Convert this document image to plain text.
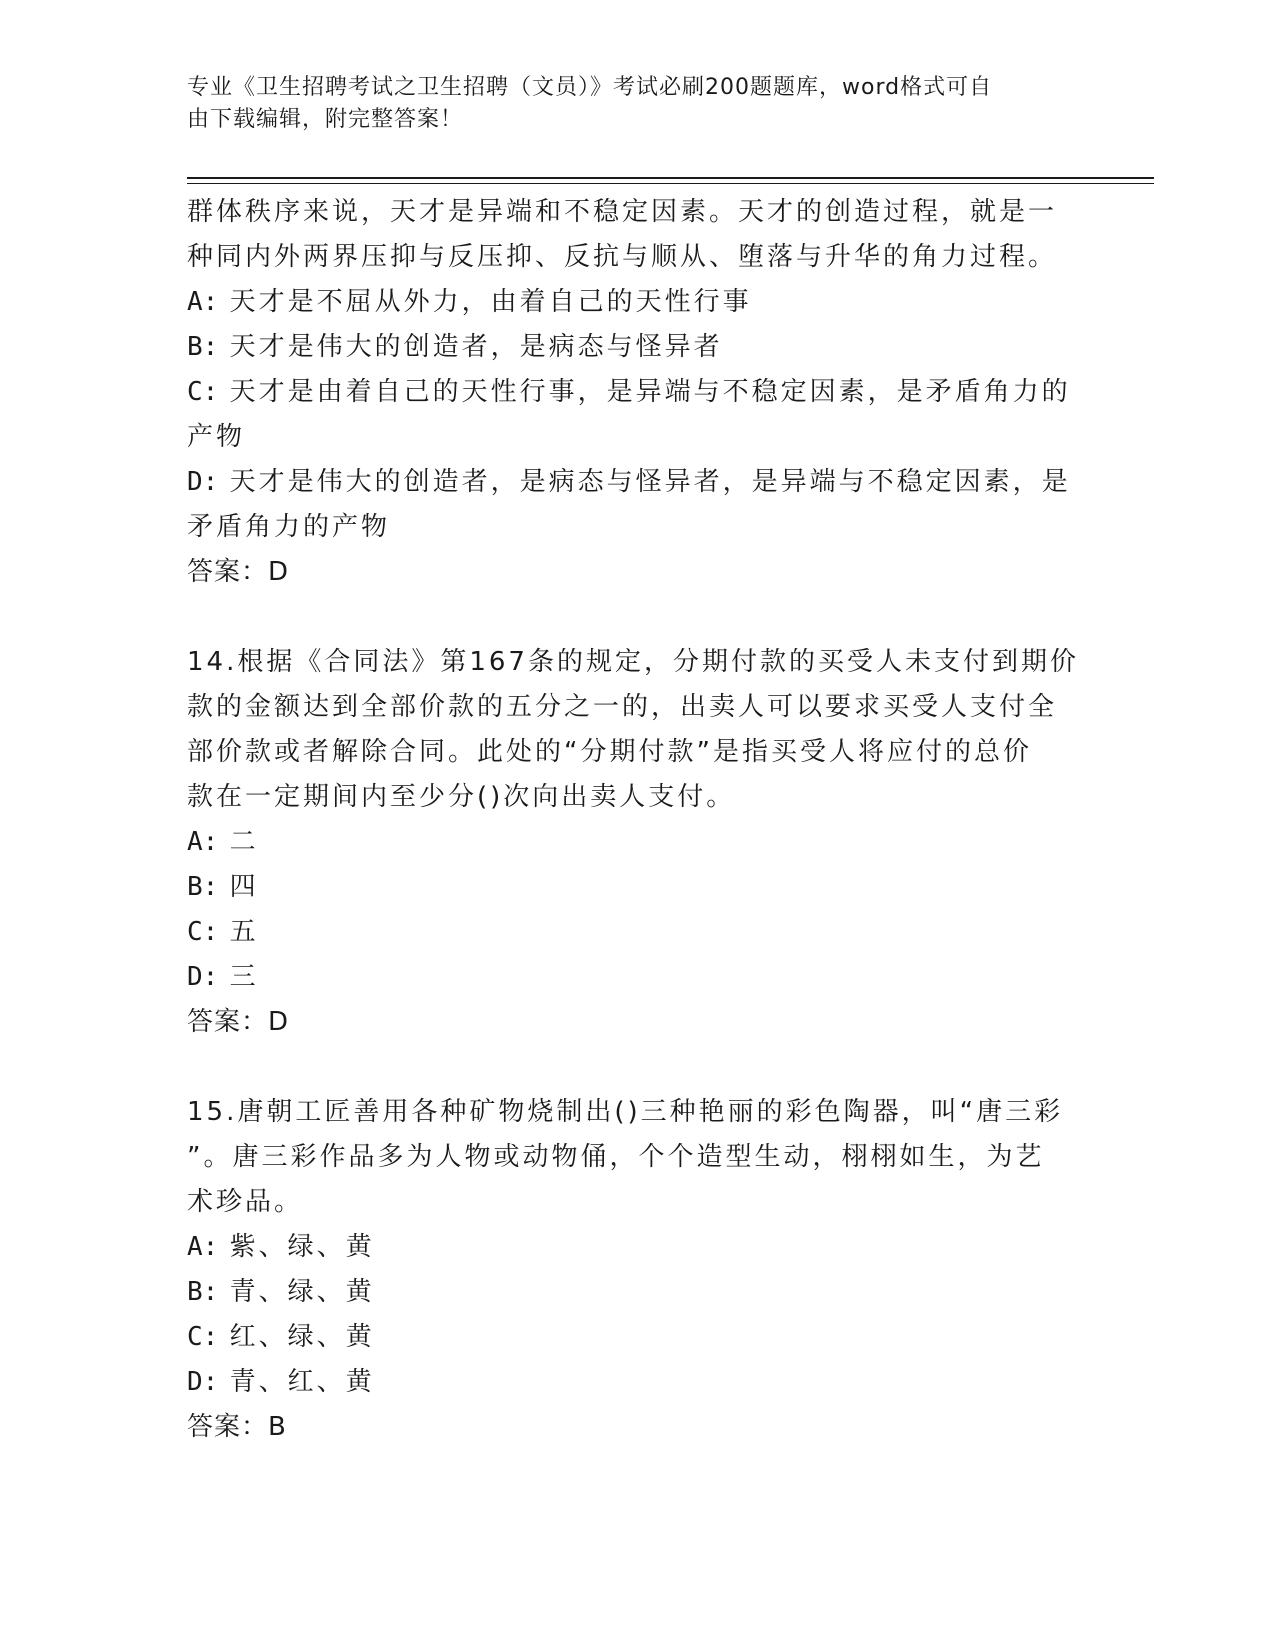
专业《卫生招聘考试之卫生招聘（文员）》考试必刷200题题库，word格式可自
由下载编辑，附完整答案！
群体秩序来说，天才是异端和不稳定因素。天才的创造过程，就是一
种同内外两界压抑与反压抑、反抗与顺从、堕落与升华的角力过程。
A: 天才是不屈从外力，由着自己的天性行事
B: 天才是伟大的创造者，是病态与怪异者
C: 天才是由着自己的天性行事，是异端与不稳定因素，是矛盾角力的
产物
D: 天才是伟大的创造者，是病态与怪异者，是异端与不稳定因素，是
矛盾角力的产物
答案：D
14.根据《合同法》第167条的规定，分期付款的买受人未支付到期价
款的金额达到全部价款的五分之一的，出卖人可以要求买受人支付全
部价款或者解除合同。此处的“分期付款”是指买受人将应付的总价
款在一定期间内至少分()次向出卖人支付。
A: 二
B: 四
C: 五
D: 三
答案：D
15.唐朝工匠善用各种矿物烧制出()三种艳丽的彩色陶器，叫“唐三彩
”。唐三彩作品多为人物或动物俑，个个造型生动，栩栩如生，为艺
术珍品。
A: 紫、绿、黄
B: 青、绿、黄
C: 红、绿、黄
D: 青、红、黄
答案：B
